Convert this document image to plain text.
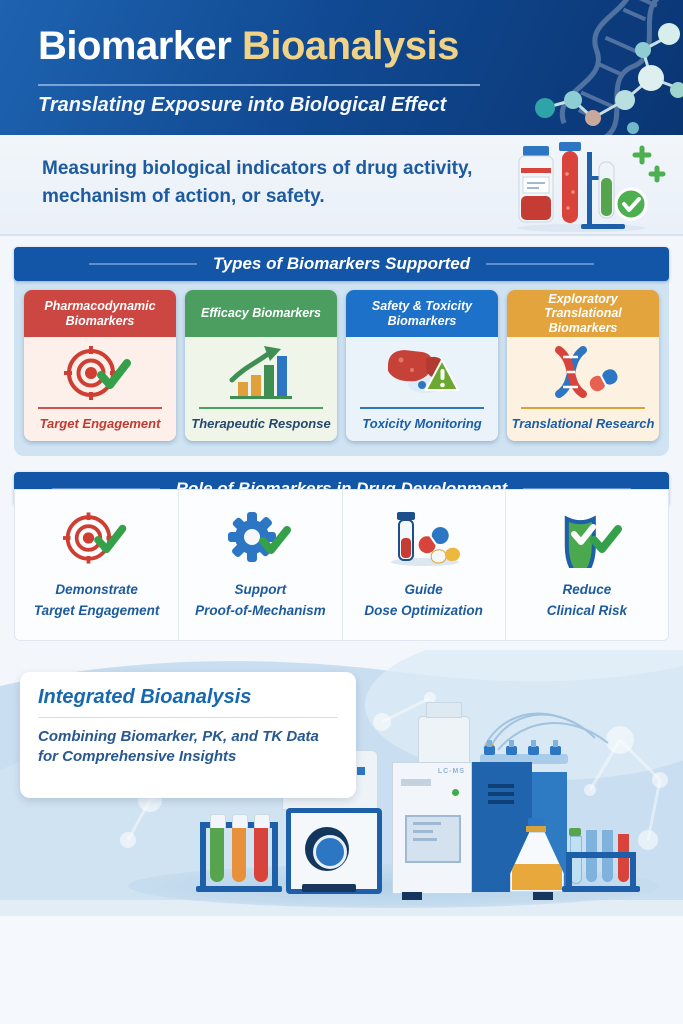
Biomarker Bioanalysis
Translating Exposure into Biological Effect
Measuring biological indicators of drug activity,
mechanism of action, or safety.
Types of Biomarkers Supported
Pharmacodynamic Biomarkers
Target Engagement
Efficacy Biomarkers
Therapeutic Response
Safety & Toxicity Biomarkers
Toxicity Monitoring
Exploratory Translational Biomarkers
Translational Research
Demonstrate
Target Engagement
Support
Proof-of-Mechanism
Guide
Dose Optimization
Reduce
Clinical Risk
LC-MS
Integrated Bioanalysis
Combining Biomarker, PK, and TK Data
for Comprehensive Insights
